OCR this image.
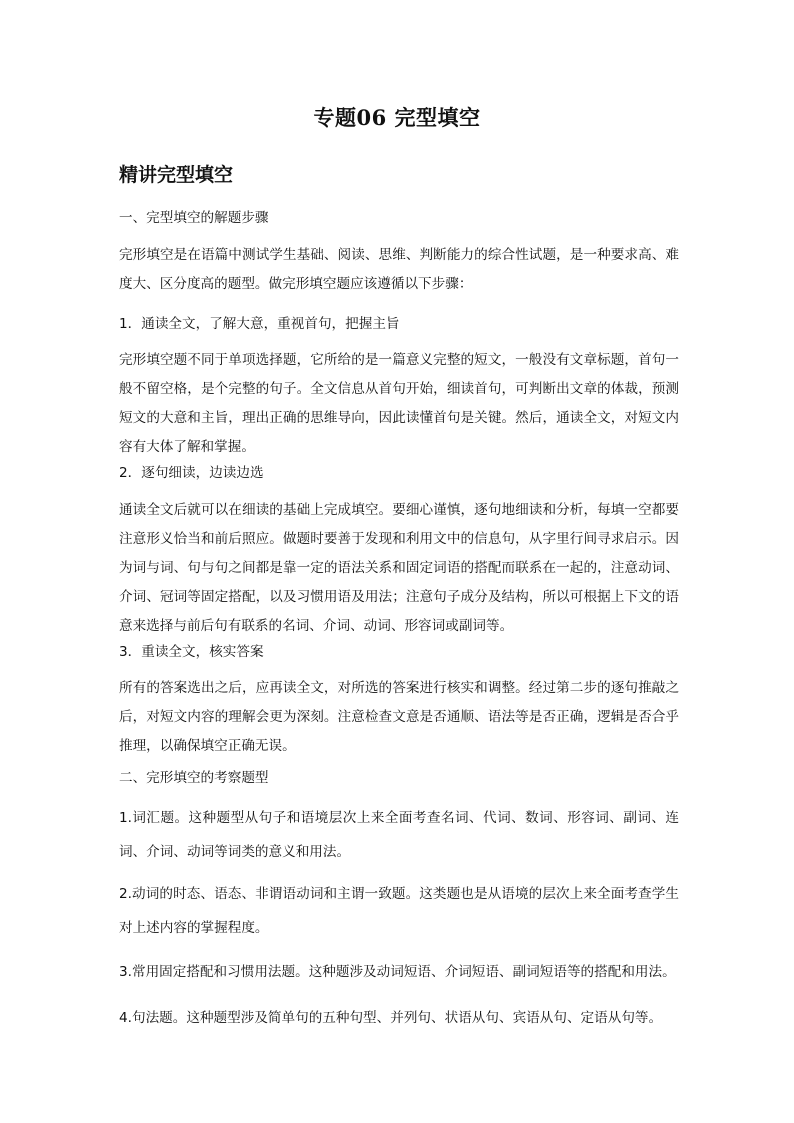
专题06 完型填空
精讲完型填空
一、完型填空的解题步骤
完形填空是在语篇中测试学生基础、阅读、思维、判断能力的综合性试题，是一种要求高、难度大、区分度高的题型。做完形填空题应该遵循以下步骤：
1．通读全文，了解大意，重视首句，把握主旨
完形填空题不同于单项选择题，它所给的是一篇意义完整的短文，一般没有文章标题，首句一般不留空格，是个完整的句子。全文信息从首句开始，细读首句，可判断出文章的体裁，预测短文的大意和主旨，理出正确的思维导向，因此读懂首句是关键。然后，通读全文，对短文内容有大体了解和掌握。
2．逐句细读，边读边选
通读全文后就可以在细读的基础上完成填空。要细心谨慎，逐句地细读和分析，每填一空都要注意形义恰当和前后照应。做题时要善于发现和利用文中的信息句，从字里行间寻求启示。因为词与词、句与句之间都是靠一定的语法关系和固定词语的搭配而联系在一起的，注意动词、介词、冠词等固定搭配，以及习惯用语及用法；注意句子成分及结构，所以可根据上下文的语意来选择与前后句有联系的名词、介词、动词、形容词或副词等。
3．重读全文，核实答案
所有的答案选出之后，应再读全文，对所选的答案进行核实和调整。经过第二步的逐句推敲之后，对短文内容的理解会更为深刻。注意检查文意是否通顺、语法等是否正确，逻辑是否合乎推理，以确保填空正确无误。
二、完形填空的考察题型
1.词汇题。这种题型从句子和语境层次上来全面考查名词、代词、数词、形容词、副词、连词、介词、动词等词类的意义和用法。
2.动词的时态、语态、非谓语动词和主谓一致题。这类题也是从语境的层次上来全面考查学生对上述内容的掌握程度。
3.常用固定搭配和习惯用法题。这种题涉及动词短语、介词短语、副词短语等的搭配和用法。
4.句法题。这种题型涉及简单句的五种句型、并列句、状语从句、宾语从句、定语从句等。
